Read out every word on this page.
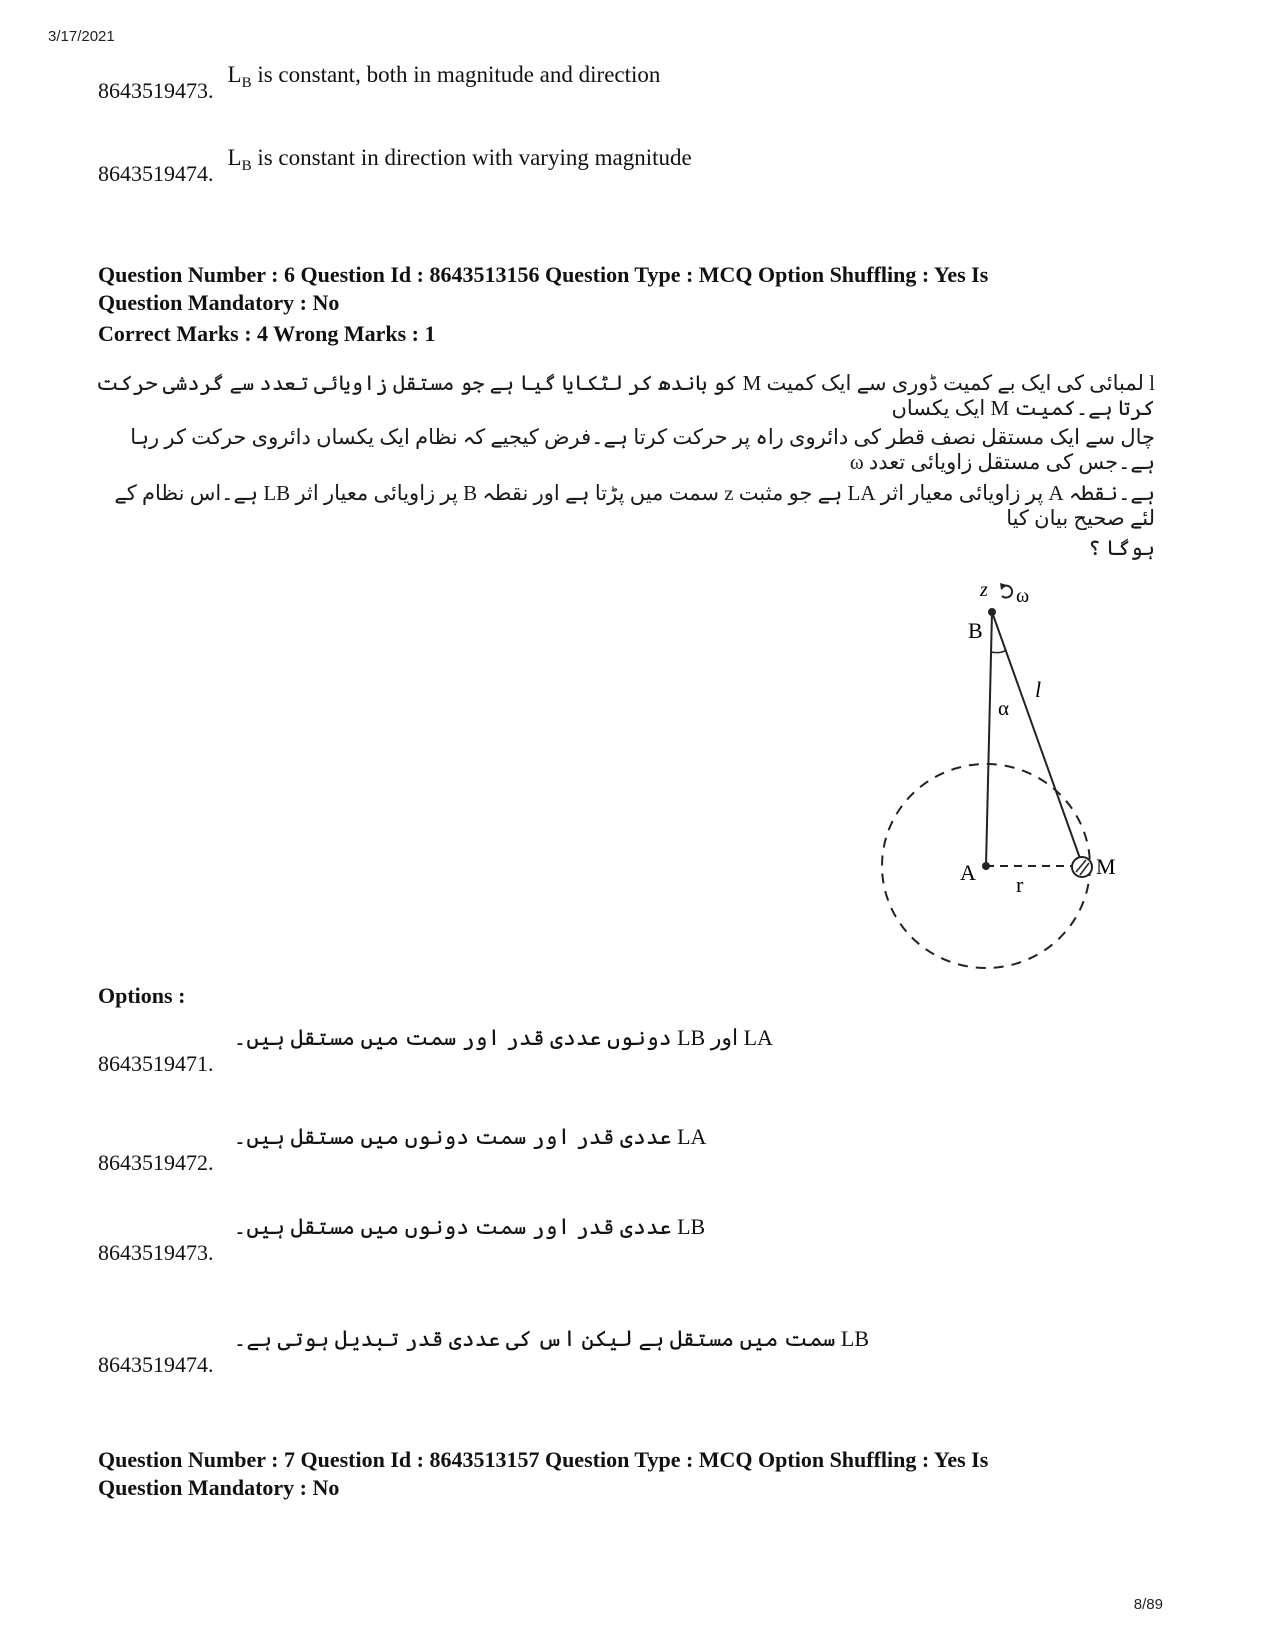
3/17/2021
8643519473. $L_B$ is constant, both in magnitude and direction
8643519474. $L_B$ is constant in direction with varying magnitude
Question Number : 6 Question Id : 8643513156 Question Type : MCQ Option Shuffling : Yes Is
Question Mandatory : No
Correct Marks : 4 Wrong Marks : 1
l لمبائی کی ایک بے کمیت ڈوری سے ایک کمیت M کو باندھ کر لٹکایا گیا ہے جو مستقل زاویائی تعدد سے گردشی حرکت کرتا ہے۔کمیت M ایک یکساں
چال سے ایک مستقل نصف قطر کی دائروی راہ پر حرکت کرتا ہے۔فرض کیجیے کہ نظام ایک یکساں دائروی حرکت کر رہا ہے۔جس کی مستقل زاویائی تعدد ω
ہے۔نقطہ A پر زاویائی معیار اثر LA ہے جو مثبت z سمت میں پڑتا ہے اور نقطہ B پر زاویائی معیار اثر LB ہے۔اس نظام کے لئے صحیح بیان کیا
ہوگا ؟
z ω
B
l
α
A r
M
Options :
8643519471. LA اور LB دونوں عددی قدر اور سمت میں مستقل ہیں۔
8643519472. LA عددی قدر اور سمت دونوں میں مستقل ہیں۔
8643519473. LB عددی قدر اور سمت دونوں میں مستقل ہیں۔
8643519474. LB سمت میں مستقل ہے لیکن اس کی عددی قدر تبدیل ہوتی ہے۔
Question Number : 7 Question Id : 8643513157 Question Type : MCQ Option Shuffling : Yes Is
Question Mandatory : No
8/89
